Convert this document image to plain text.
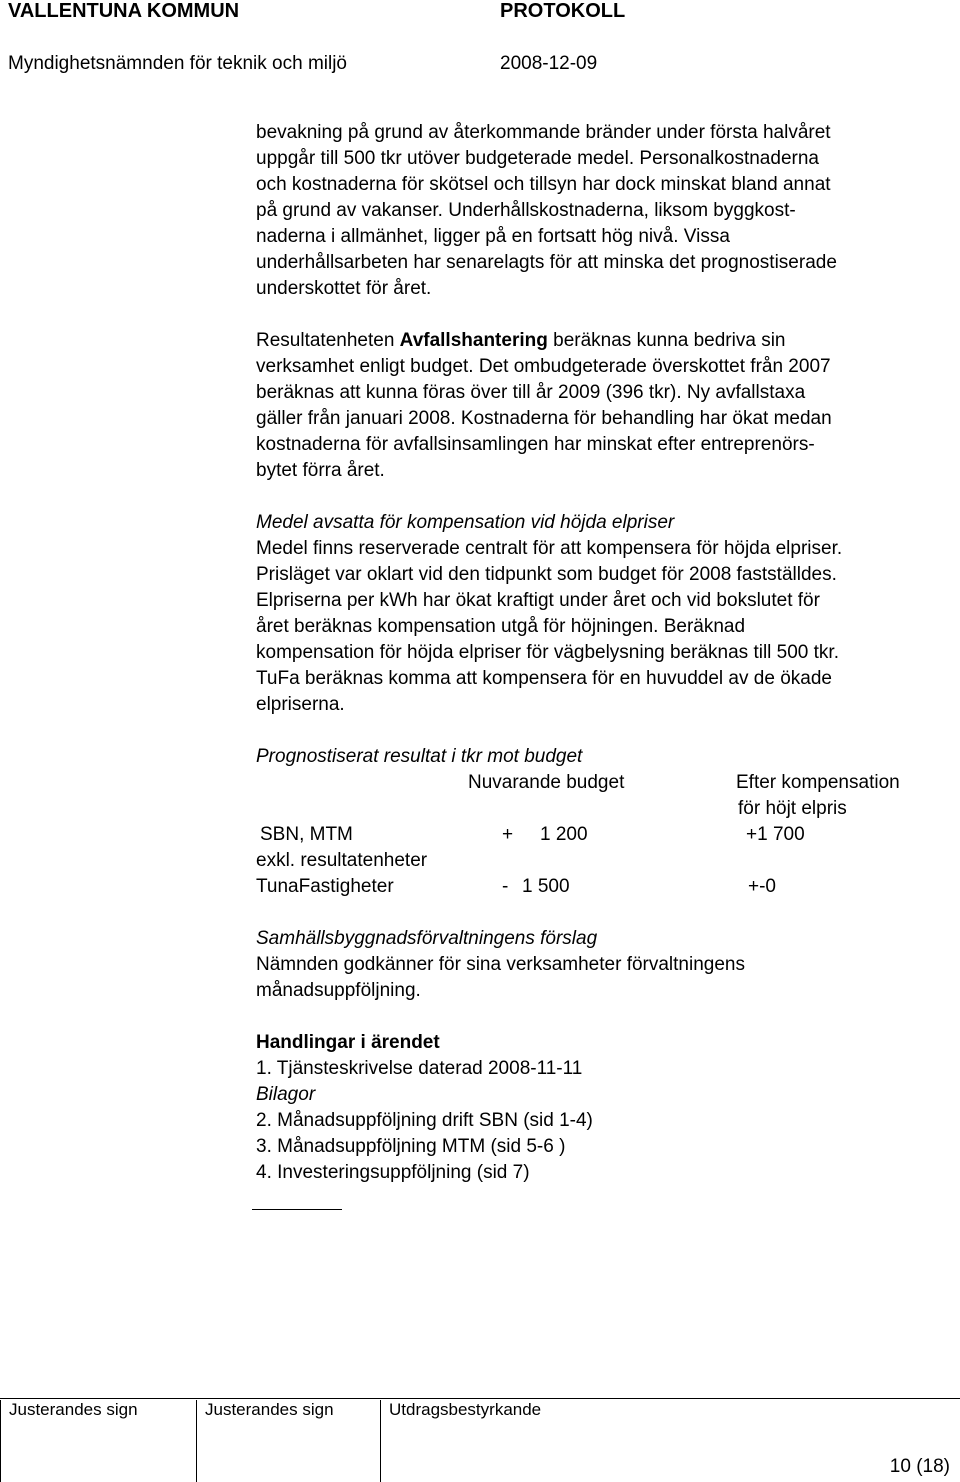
VALLENTUNA KOMMUN	PROTOKOLL
Myndighetsnämnden för teknik och miljö	2008-12-09
bevakning på grund av återkommande bränder under första halvåret
uppgår till 500 tkr utöver budgeterade medel. Personalkostnaderna
och kostnaderna för skötsel och tillsyn har dock minskat bland annat
på grund av vakanser. Underhållskostnaderna, liksom byggkost-
naderna i allmänhet, ligger på en fortsatt hög nivå. Vissa
underhållsarbeten har senarelagts för att minska det prognostiserade
underskottet för året.
Resultatenheten Avfallshantering beräknas kunna bedriva sin
verksamhet enligt budget. Det ombudgeterade överskottet från 2007
beräknas att kunna föras över till år 2009 (396 tkr). Ny avfallstaxa
gäller från januari 2008. Kostnaderna för behandling har ökat medan
kostnaderna för avfallsinsamlingen har minskat efter entreprenörs-
bytet förra året.
Medel avsatta för kompensation vid höjda elpriser
Medel finns reserverade centralt för att kompensera för höjda elpriser.
Prisläget var oklart vid den tidpunkt som budget för 2008 fastställdes.
Elpriserna per kWh har ökat kraftigt under året och vid bokslutet för
året beräknas kompensation utgå för höjningen. Beräknad
kompensation för höjda elpriser för vägbelysning beräknas till 500 tkr.
TuFa beräknas komma att kompensera för en huvuddel av de ökade
elpriserna.
Prognostiserat resultat i tkr mot budget
Nuvarande budget	Efter kompensation
för höjt elpris
SBN, MTM	+ 1 200	+1 700
exkl. resultatenheter
TunaFastigheter	- 1 500	+-0
Samhällsbyggnadsförvaltningens förslag
Nämnden godkänner för sina verksamheter förvaltningens
månadsuppföljning.
Handlingar i ärendet
1. Tjänsteskrivelse daterad 2008-11-11
Bilagor
2. Månadsuppföljning drift SBN (sid 1-4)
3. Månadsuppföljning MTM (sid 5-6 )
4. Investeringsuppföljning (sid 7)
Justerandes sign	Justerandes sign	Utdragsbestyrkande
10 (18)
